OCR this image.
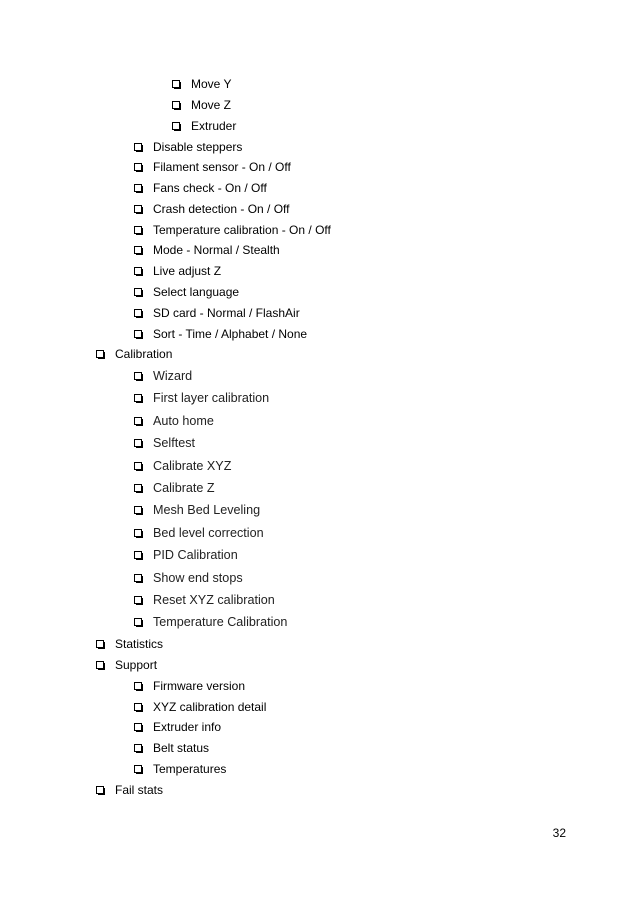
Move Y
Move Z
Extruder
Disable steppers
Filament sensor - On / Off
Fans check - On / Off
Crash detection - On / Off
Temperature calibration - On / Off
Mode - Normal / Stealth
Live adjust Z
Select language
SD card - Normal / FlashAir
Sort - Time / Alphabet / None
Calibration
Wizard
First layer calibration
Auto home
Selftest
Calibrate XYZ
Calibrate Z
Mesh Bed Leveling
Bed level correction
PID Calibration
Show end stops
Reset XYZ calibration
Temperature Calibration
Statistics
Support
Firmware version
XYZ calibration detail
Extruder info
Belt status
Temperatures
Fail stats
32
